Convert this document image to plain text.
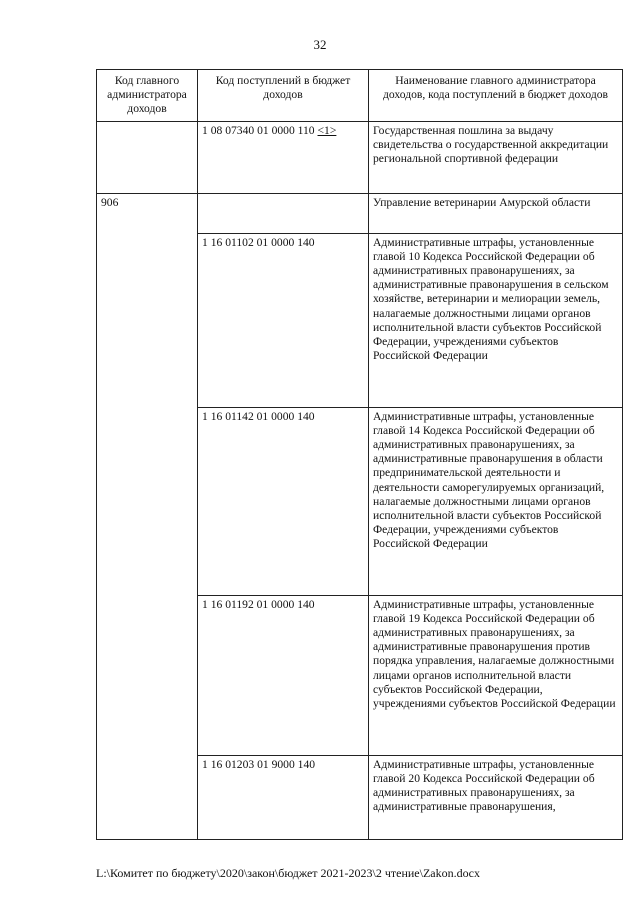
32
Код главного администратора доходов	Код поступлений в бюджет доходов	Наименование главного администратора доходов, кода поступлений в бюджет доходов
	1 08 07340 01 0000 110 <1>	Государственная пошлина за выдачу свидетельства о государственной аккредитации региональной спортивной федерации
906		Управление ветеринарии Амурской области
	1 16 01102 01 0000 140	Административные штрафы, установленные главой 10 Кодекса Российской Федерации об административных правонарушениях, за административные правонарушения в сельском хозяйстве, ветеринарии и мелиорации земель, налагаемые должностными лицами органов исполнительной власти субъектов Российской Федерации, учреждениями субъектов Российской Федерации
	1 16 01142 01 0000 140	Административные штрафы, установленные главой 14 Кодекса Российской Федерации об административных правонарушениях, за административные правонарушения в области предпринимательской деятельности и деятельности саморегулируемых организаций, налагаемые должностными лицами органов исполнительной власти субъектов Российской Федерации, учреждениями субъектов Российской Федерации
	1 16 01192 01 0000 140	Административные штрафы, установленные главой 19 Кодекса Российской Федерации об административных правонарушениях, за административные правонарушения против порядка управления, налагаемые должностными лицами органов исполнительной власти субъектов Российской Федерации, учреждениями субъектов Российской Федерации
	1 16 01203 01 9000 140	Административные штрафы, установленные главой 20 Кодекса Российской Федерации об административных правонарушениях, за административные правонарушения,
L:\Комитет по бюджету\2020\закон\бюджет 2021-2023\2 чтение\Zakon.docx
